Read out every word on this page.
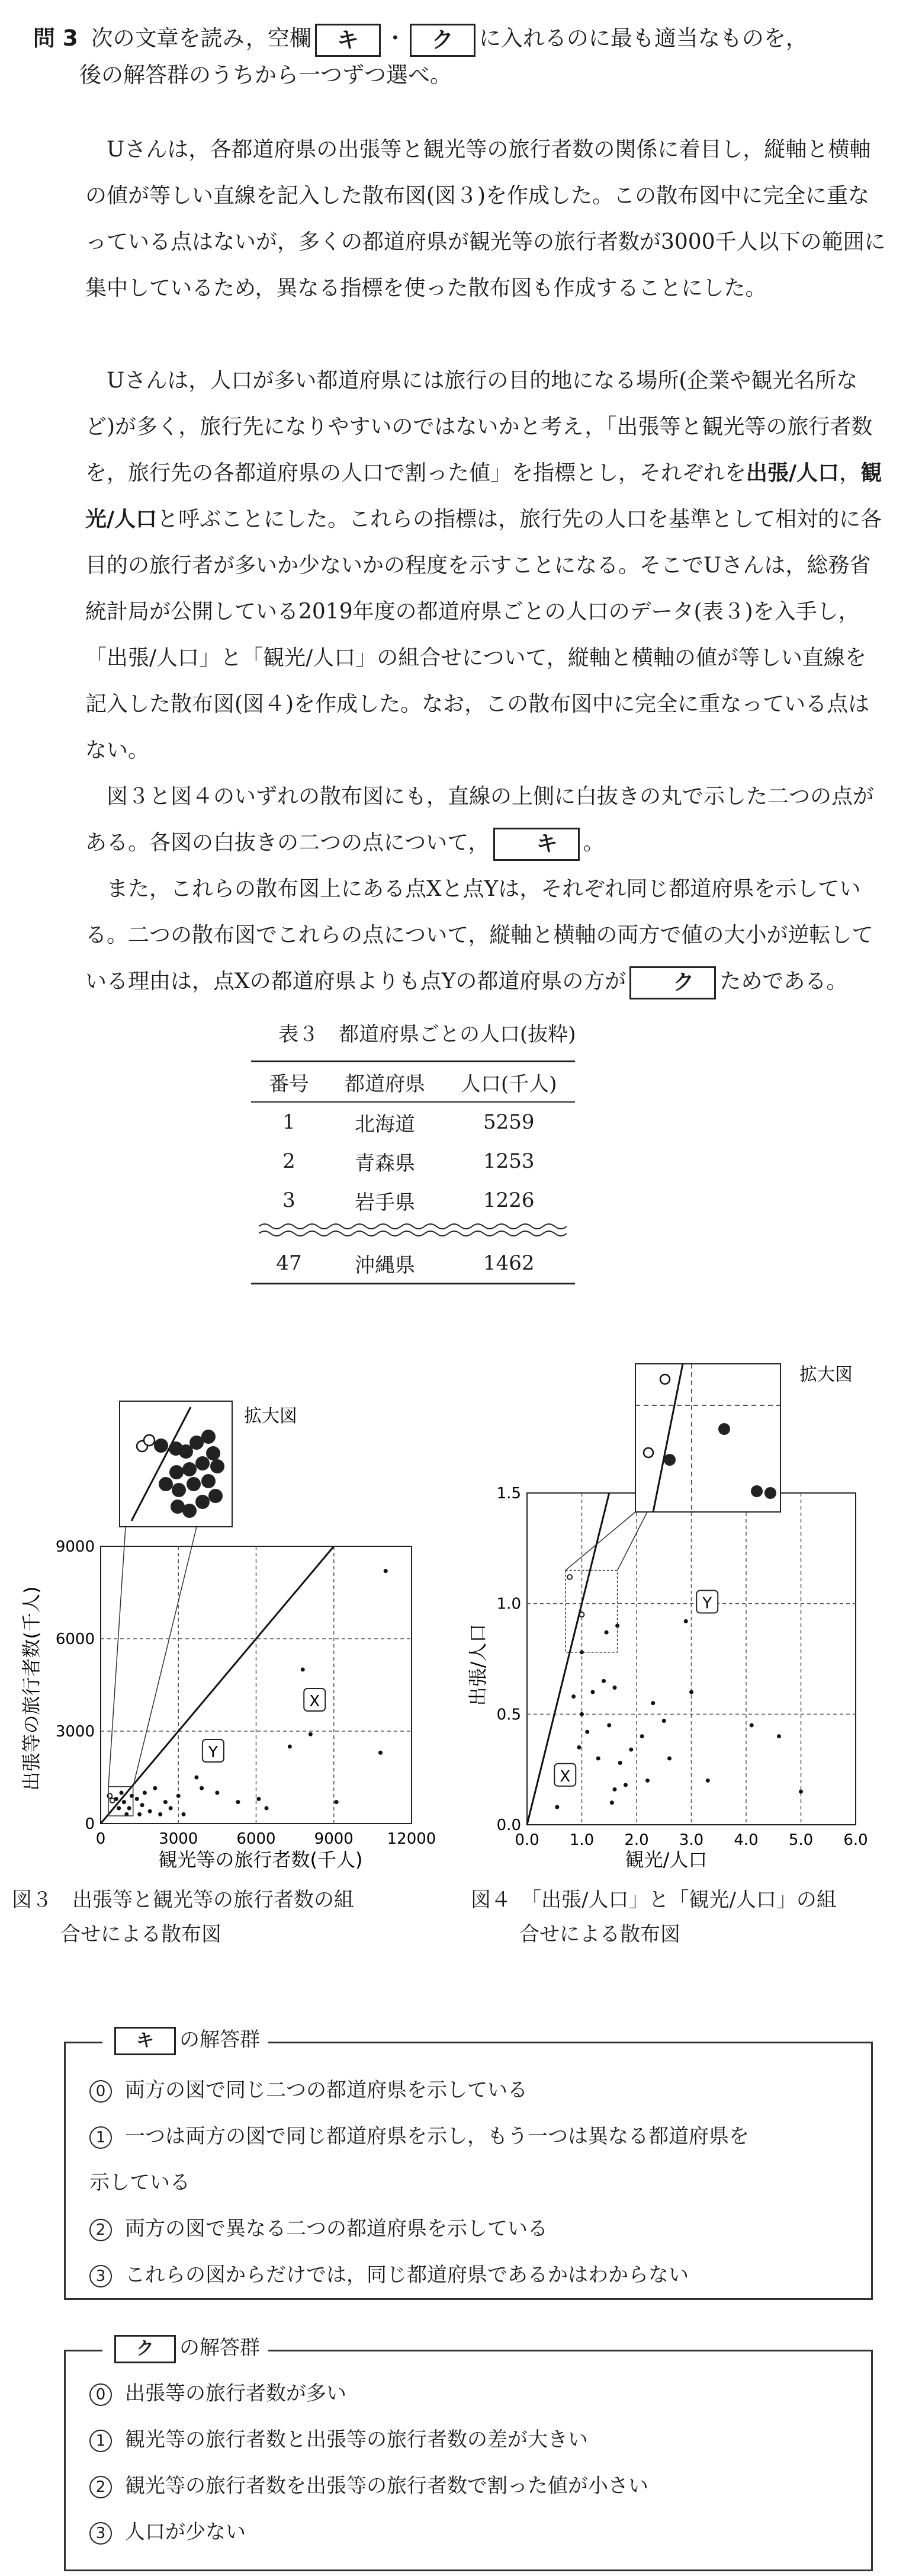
問 3 次の文章を読み，空欄 キ ・ ク に入れるのに最も適当なものを，
後の解答群のうちから一つずつ選べ。
Uさんは，各都道府県の出張等と観光等の旅行者数の関係に着目し，縦軸と横軸の値が等しい直線を記入した散布図(図３)を作成した。この散布図中に完全に重なっている点はないが，多くの都道府県が観光等の旅行者数が3000千人以下の範囲に集中しているため，異なる指標を使った散布図も作成することにした。
Uさんは，人口が多い都道府県には旅行の目的地になる場所(企業や観光名所など)が多く，旅行先になりやすいのではないかと考え，「出張等と観光等の旅行者数を，旅行先の各都道府県の人口で割った値」を指標とし，それぞれを出張/人口，観光/人口と呼ぶことにした。これらの指標は，旅行先の人口を基準として相対的に各目的の旅行者が多いか少ないかの程度を示すことになる。そこでUさんは，総務省統計局が公開している2019年度の都道府県ごとの人口のデータ(表３)を入手し，「出張/人口」と「観光/人口」の組合せについて，縦軸と横軸の値が等しい直線を記入した散布図(図４)を作成した。なお，この散布図中に完全に重なっている点はない。
図３と図４のいずれの散布図にも，直線の上側に白抜きの丸で示した二つの点がある。各図の白抜きの二つの点について， キ 。
また，これらの散布図上にある点Xと点Yは，それぞれ同じ都道府県を示している。二つの散布図でこれらの点について，縦軸と横軸の両方で値の大小が逆転している理由は，点Xの都道府県よりも点Yの都道府県の方が ク ためである。
表３　都道府県ごとの人口(抜粋)
番号	都道府県	人口(千人)
1	北海道	5259
2	青森県	1253
3	岩手県	1226

47	沖縄県	1462
0	3000	6000	9000 12000
0
3000
6000
9000
X
Y
観光等の旅行者数(千人)
出張等の旅行者数(千人)
拡大図
図３　 出張等と観光等の旅行者数の組
合せによる散布図
0.0 1.0 2.0 3.0 4.0 5.0 6.0
0.0
0.5
1.0
1.5
X
Y
観光/人口
出張/人口
拡大図
図４　 「出張/人口」と「観光/人口」の組
合せによる散布図
キ の解答群
0 両方の図で同じ二つの都道府県を示している
1 一つは両方の図で同じ都道府県を示し，もう一つは異なる都道府県を
示している
2 両方の図で異なる二つの都道府県を示している
3 これらの図からだけでは，同じ都道府県であるかはわからない
ク の解答群
0 出張等の旅行者数が多い
1 観光等の旅行者数と出張等の旅行者数の差が大きい
2 観光等の旅行者数を出張等の旅行者数で割った値が小さい
3 人口が少ない
